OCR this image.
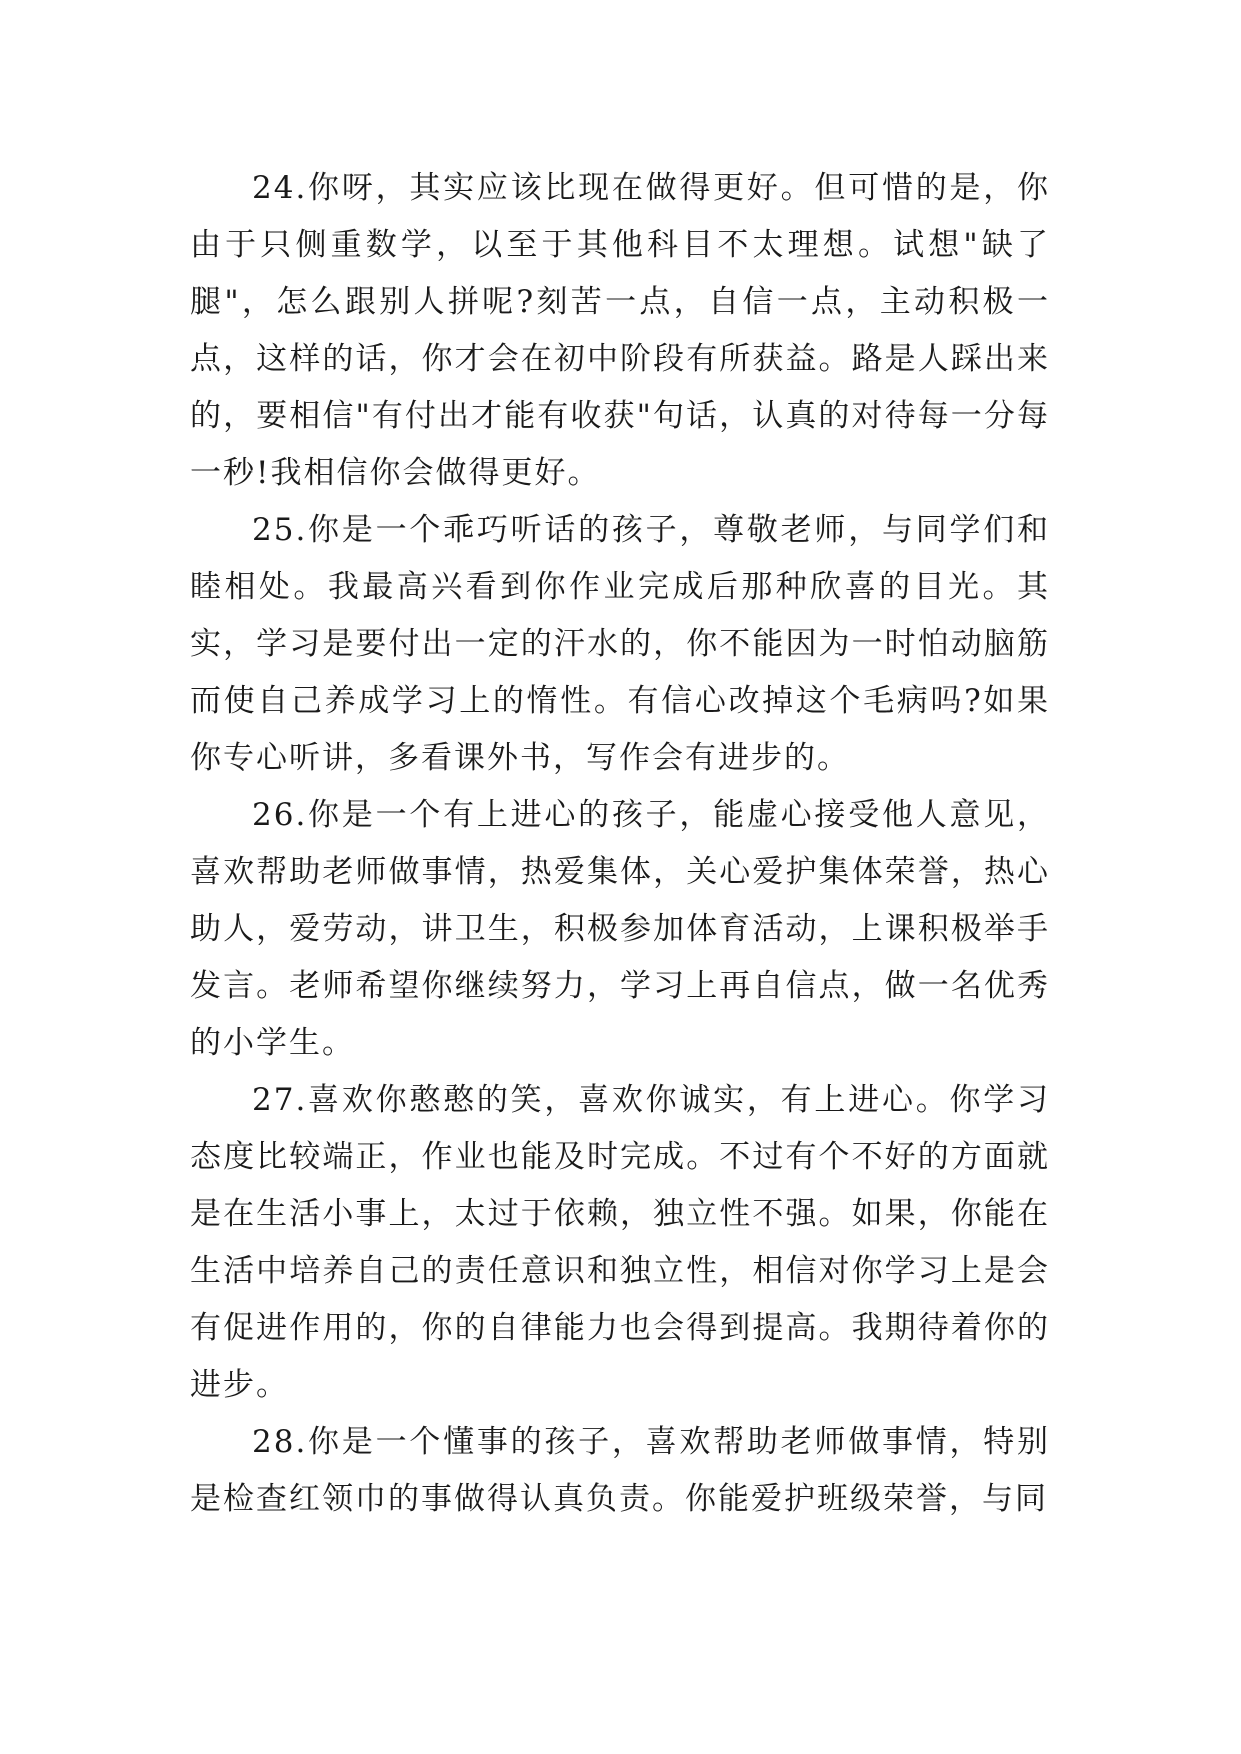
24.你呀，其实应该比现在做得更好。但可惜的是，你由于只侧重数学，以至于其他科目不太理想。试想"缺了腿"，怎么跟别人拼呢?刻苦一点，自信一点，主动积极一点，这样的话，你才会在初中阶段有所获益。路是人踩出来的，要相信"有付出才能有收获"句话，认真的对待每一分每一秒!我相信你会做得更好。

25.你是一个乖巧听话的孩子，尊敬老师，与同学们和睦相处。我最高兴看到你作业完成后那种欣喜的目光。其实，学习是要付出一定的汗水的，你不能因为一时怕动脑筋而使自己养成学习上的惰性。有信心改掉这个毛病吗?如果你专心听讲，多看课外书，写作会有进步的。

26.你是一个有上进心的孩子，能虚心接受他人意见，喜欢帮助老师做事情，热爱集体，关心爱护集体荣誉，热心助人，爱劳动，讲卫生，积极参加体育活动，上课积极举手发言。老师希望你继续努力，学习上再自信点，做一名优秀的小学生。

27.喜欢你憨憨的笑，喜欢你诚实，有上进心。你学习态度比较端正，作业也能及时完成。不过有个不好的方面就是在生活小事上，太过于依赖，独立性不强。如果，你能在生活中培养自己的责任意识和独立性，相信对你学习上是会有促进作用的，你的自律能力也会得到提高。我期待着你的进步。

28.你是一个懂事的孩子，喜欢帮助老师做事情，特别是检查红领巾的事做得认真负责。你能爱护班级荣誉，与同
